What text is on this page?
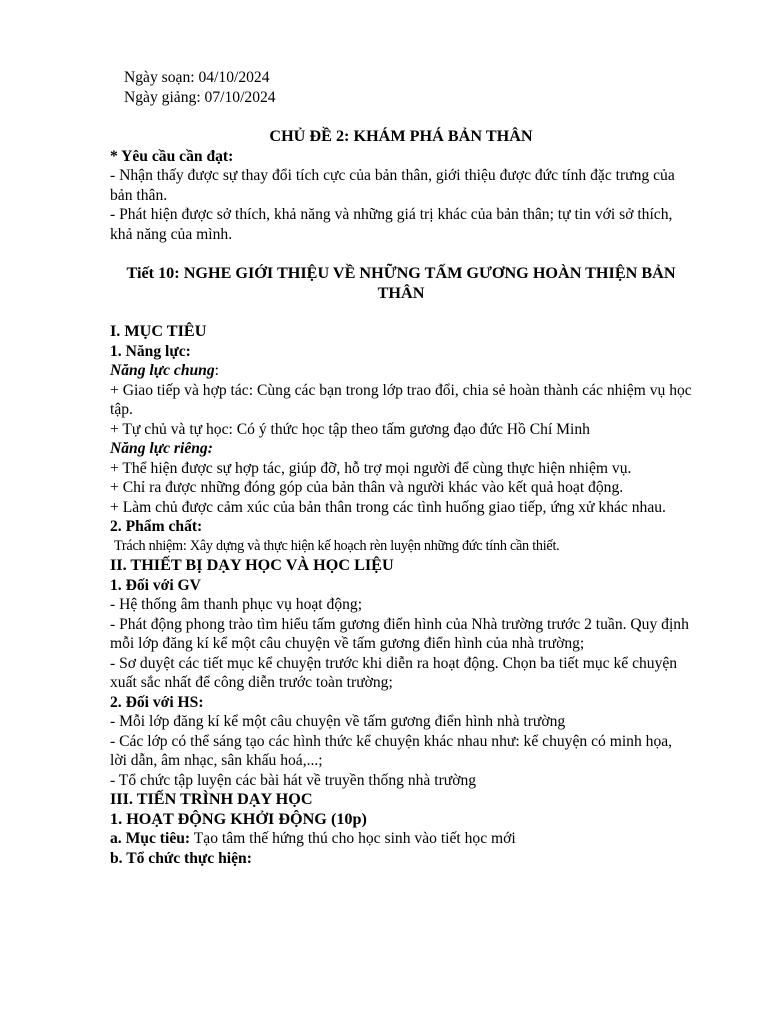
Ngày soạn: 04/10/2024

Ngày giảng: 07/10/2024

CHỦ ĐỀ 2: KHÁM PHÁ BẢN THÂN

* Yêu cầu cần đạt:

- Nhận thấy được sự thay đổi tích cực của bản thân, giới thiệu được đức tính đặc trưng của bản thân.

- Phát hiện được sở thích, khả năng và những giá trị khác của bản thân; tự tin với sở thích, khả năng của mình.

Tiết 10: NGHE GIỚI THIỆU VỀ NHỮNG TẤM GƯƠNG HOÀN THIỆN BẢN THÂN

I. MỤC TIÊU

1. Năng lực:

Năng lực chung:

+ Giao tiếp và hợp tác: Cùng các bạn trong lớp trao đổi, chia sẻ hoàn thành các nhiệm vụ học tập.

+ Tự chủ và tự học: Có ý thức học tập theo tấm gương đạo đức Hồ Chí Minh

Năng lực riêng:

+ Thể hiện được sự hợp tác, giúp đỡ, hỗ trợ mọi người để cùng thực hiện nhiệm vụ.

+ Chỉ ra được những đóng góp của bản thân và người khác vào kết quả hoạt động.

+ Làm chủ được cảm xúc của bản thân trong các tình huống giao tiếp, ứng xử khác nhau.

2. Phẩm chất:

Trách nhiệm: Xây dựng và thực hiện kế hoạch rèn luyện những đức tính cần thiết.

II. THIẾT BỊ DẠY HỌC VÀ HỌC LIỆU

1. Đối với GV

- Hệ thống âm thanh phục vụ hoạt động;

- Phát động phong trào tìm hiểu tấm gương điển hình của Nhà trường trước 2 tuần. Quy định mỗi lớp đăng kí kể một câu chuyện về tấm gương điển hình của nhà trường;

- Sơ duyệt các tiết mục kể chuyện trước khi diễn ra hoạt động. Chọn ba tiết mục kể chuyện xuất sắc nhất để công diễn trước toàn trường;

2. Đối với HS:

- Mỗi lớp đăng kí kể một câu chuyện về tấm gương điển hình nhà trường

- Các lớp có thể sáng tạo các hình thức kể chuyện khác nhau như: kể chuyện có minh họa, lời dẫn, âm nhạc, sân khấu hoá,...;

- Tổ chức tập luyện các bài hát về truyền thống nhà trường

III. TIẾN TRÌNH DẠY HỌC

1. HOẠT ĐỘNG KHỞI ĐỘNG (10p)

a. Mục tiêu: Tạo tâm thế hứng thú cho học sinh vào tiết học mới

b. Tổ chức thực hiện:
